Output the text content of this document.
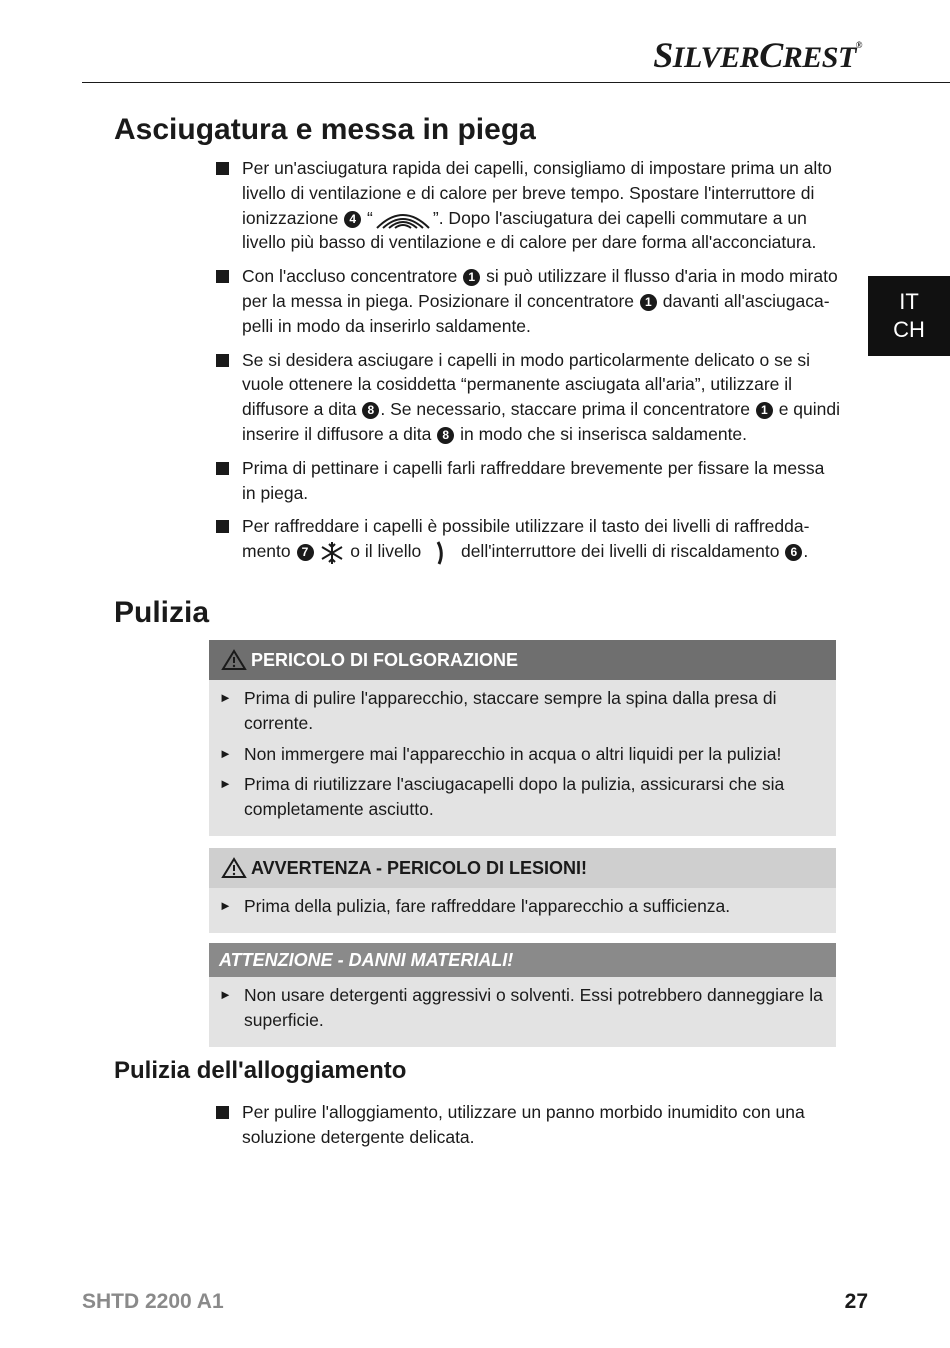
SILVERCREST®
IT
CH
Asciugatura e messa in piega
Per un'asciugatura rapida dei capelli, consigliamo di impostare prima un alto livello di ventilazione e di calore per breve tempo. Spostare l'interruttore di ionizzazione 4 “	”. Dopo l'asciugatura dei capelli commutare a un livello più basso di ventilazione e di calore per dare forma all'acconciatura.
Con l'accluso concentratore 1 si può utilizzare il flusso d'aria in modo mirato per la messa in piega. Posizionare il concentratore 1 davanti all'asciugaca-pelli in modo da inserirlo saldamente.
Se si desidera asciugare i capelli in modo particolarmente delicato o se si vuole ottenere la cosiddetta “permanente asciugata all'aria”, utilizzare il diffusore a dita 8 . Se necessario, staccare prima il concentratore 1 e quindi inserire il diffusore a dita 8 in modo che si inserisca saldamente.
Prima di pettinare i capelli farli raffreddare brevemente per fissare la messa in piega.
Per raffreddare i capelli è possibile utilizzare il tasto dei livelli di raffredda-mento 7  o il livello  dell'interruttore dei livelli di riscaldamento 6 .
Pulizia
PERICOLO DI FOLGORAZIONE
► Prima di pulire l'apparecchio, staccare sempre la spina dalla presa di corrente.
► Non immergere mai l'apparecchio in acqua o altri liquidi per la pulizia!
► Prima di riutilizzare l'asciugacapelli dopo la pulizia, assicurarsi che sia completamente asciutto.
AVVERTENZA - PERICOLO DI LESIONI!
► Prima della pulizia, fare raffreddare l'apparecchio a sufficienza.
ATTENZIONE - DANNI MATERIALI!
► Non usare detergenti aggressivi o solventi. Essi potrebbero danneggiare la superficie.
Pulizia dell'alloggiamento
Per pulire l'alloggiamento, utilizzare un panno morbido inumidito con una soluzione detergente delicata.
SHTD 2200 A1	27
